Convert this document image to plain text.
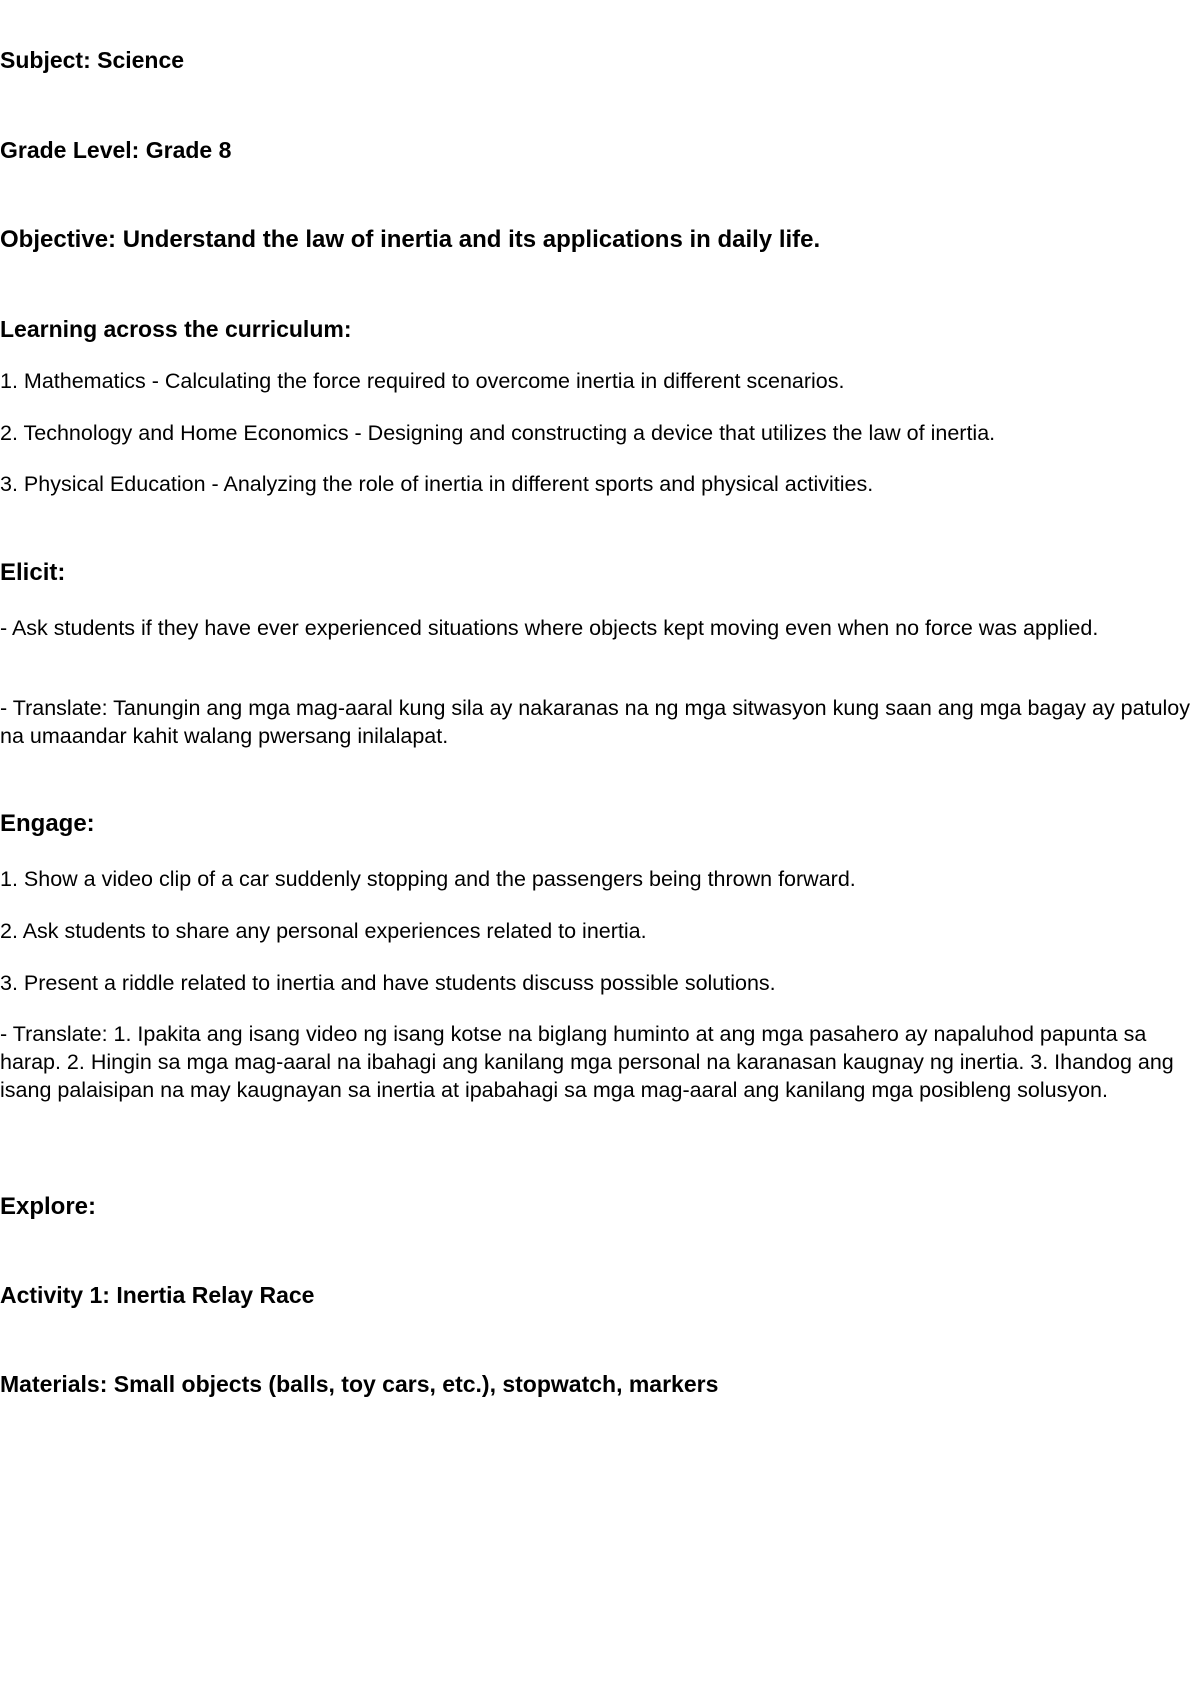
Subject: Science

Grade Level: Grade 8

Objective: Understand the law of inertia and its applications in daily life.

Learning across the curriculum:

1. Mathematics - Calculating the force required to overcome inertia in different scenarios.

2. Technology and Home Economics - Designing and constructing a device that utilizes the law of inertia.

3. Physical Education - Analyzing the role of inertia in different sports and physical activities.

Elicit:

- Ask students if they have ever experienced situations where objects kept moving even when no force was applied.

- Translate: Tanungin ang mga mag-aaral kung sila ay nakaranas na ng mga sitwasyon kung saan ang mga bagay ay patuloy na umaandar kahit walang pwersang inilalapat.

Engage:

1. Show a video clip of a car suddenly stopping and the passengers being thrown forward.

2. Ask students to share any personal experiences related to inertia.

3. Present a riddle related to inertia and have students discuss possible solutions.

- Translate: 1. Ipakita ang isang video ng isang kotse na biglang huminto at ang mga pasahero ay napaluhod papunta sa harap. 2. Hingin sa mga mag-aaral na ibahagi ang kanilang mga personal na karanasan kaugnay ng inertia. 3. Ihandog ang isang palaisipan na may kaugnayan sa inertia at ipabahagi sa mga mag-aaral ang kanilang mga posibleng solusyon.

Explore:

Activity 1: Inertia Relay Race

Materials: Small objects (balls, toy cars, etc.), stopwatch, markers
